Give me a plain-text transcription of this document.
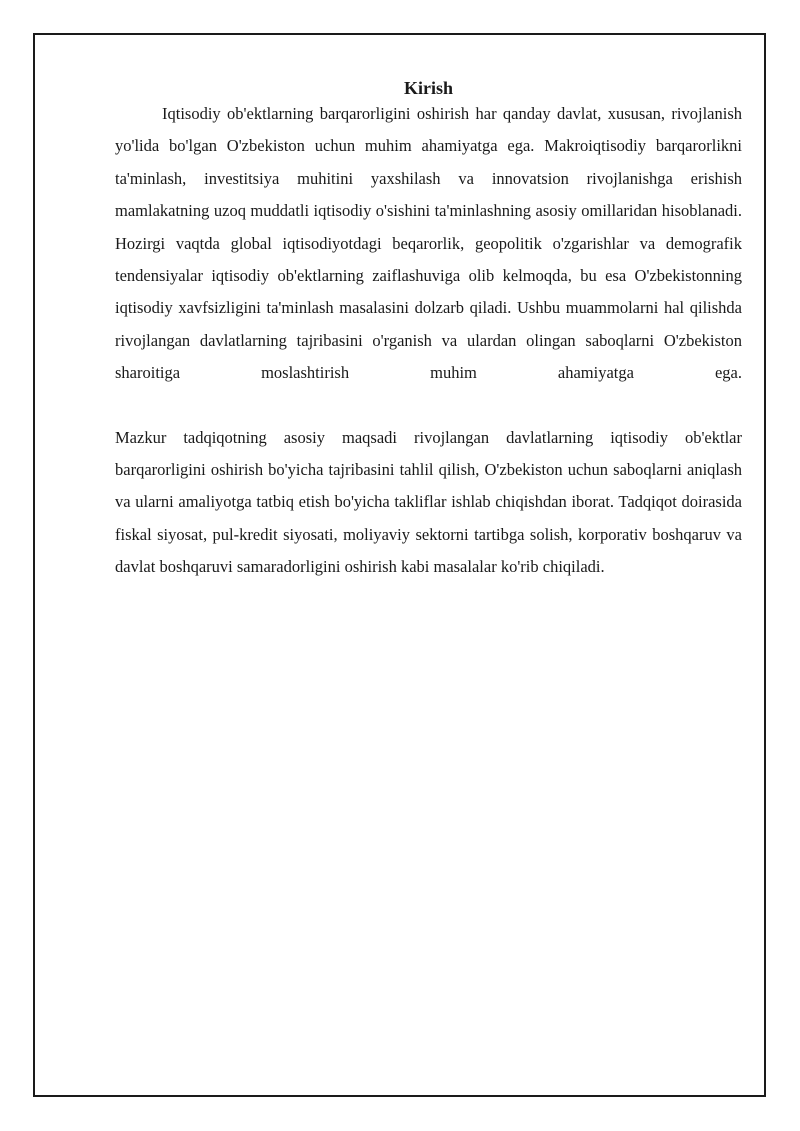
Kirish

Iqtisodiy ob'ektlarning barqarorligini oshirish har qanday davlat, xususan, rivojlanish yo'lida bo'lgan O'zbekiston uchun muhim ahamiyatga ega. Makroiqtisodiy barqarorlikni ta'minlash, investitsiya muhitini yaxshilash va innovatsion rivojlanishga erishish mamlakatning uzoq muddatli iqtisodiy o'sishini ta'minlashning asosiy omillaridan hisoblanadi. Hozirgi vaqtda global iqtisodiyotdagi beqarorlik, geopolitik o'zgarishlar va demografik tendensiyalar iqtisodiy ob'ektlarning zaiflashuviga olib kelmoqda, bu esa O'zbekistonning iqtisodiy xavfsizligini ta'minlash masalasini dolzarb qiladi. Ushbu muammolarni hal qilishda rivojlangan davlatlarning tajribasini o'rganish va ulardan olingan saboqlarni O'zbekiston sharoitiga moslashtirish muhim ahamiyatga ega.

Mazkur tadqiqotning asosiy maqsadi rivojlangan davlatlarning iqtisodiy ob'ektlar barqarorligini oshirish bo'yicha tajribasini tahlil qilish, O'zbekiston uchun saboqlarni aniqlash va ularni amaliyotga tatbiq etish bo'yicha takliflar ishlab chiqishdan iborat. Tadqiqot doirasida fiskal siyosat, pul-kredit siyosati, moliyaviy sektorni tartibga solish, korporativ boshqaruv va davlat boshqaruvi samaradorligini oshirish kabi masalalar ko'rib chiqiladi.
